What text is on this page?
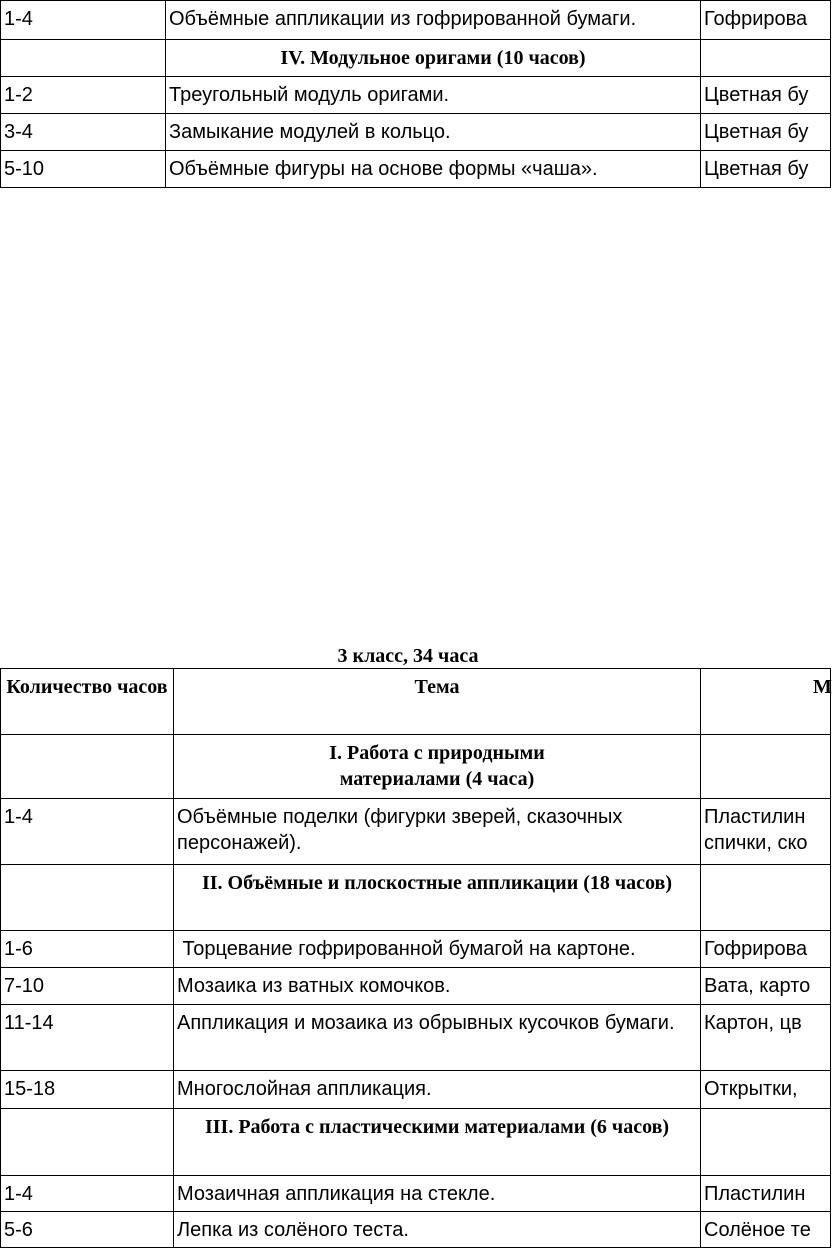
1-4	Объёмные аппликации из гофрированной бумаги.	Гофрирова
	IV. Модульное оригами (10 часов)	
1-2	Треугольный модуль оригами.	Цветная бу
3-4	Замыкание модулей в кольцо.	Цветная бу
5-10	Объёмные фигуры на основе формы «чаша».	Цветная бу
3 класс, 34 часа
Количество часов	Тема	М
	I. Работа с природными материалами (4 часа)	
1-4	Объёмные поделки (фигурки зверей, сказочных персонажей).	Пластилин спички, ско
	II. Объёмные и плоскостные аппликации (18 часов)	
1-6	Торцевание гофрированной бумагой на картоне.	Гофрирова
7-10	Мозаика из ватных комочков.	Вата, карто
11-14	Аппликация и мозаика из обрывных кусочков бумаги.	Картон, цв
15-18	Многослойная аппликация.	Открытки,
	III. Работа с пластическими материалами (6 часов)	
1-4	Мозаичная аппликация на стекле.	Пластилин
5-6	Лепка из солёного теста.	Солёное те
